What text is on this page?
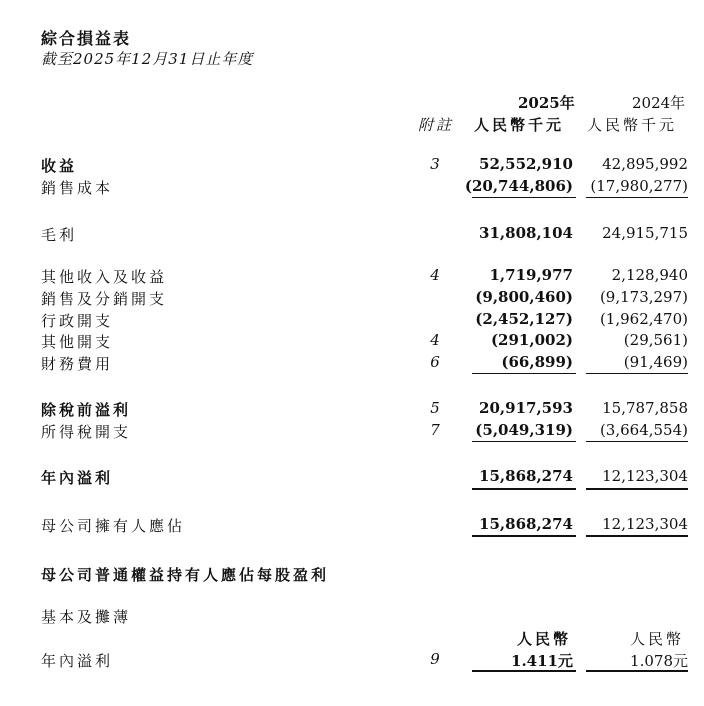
綜合損益表
截至2025年12月31日止年度
2025年	2024年
附註 人民幣千元 人民幣千元
收益	3	52,552,910	42,895,992
銷售成本	(20,744,806)	(17,980,277)
毛利	31,808,104	24,915,715
其他收入及收益	4	1,719,977	2,128,940
銷售及分銷開支	(9,800,460)	(9,173,297)
行政開支	(2,452,127)	(1,962,470)
其他開支	4	(291,002)	(29,561)
財務費用	6	(66,899)	(91,469)
除稅前溢利	5	20,917,593	15,787,858
所得稅開支	7	(5,049,319)	(3,664,554)
年內溢利	15,868,274	12,123,304
母公司擁有人應佔	15,868,274	12,123,304
母公司普通權益持有人應佔每股盈利
基本及攤薄
人民幣	人民幣
年內溢利	9	1.411元	1.078元
